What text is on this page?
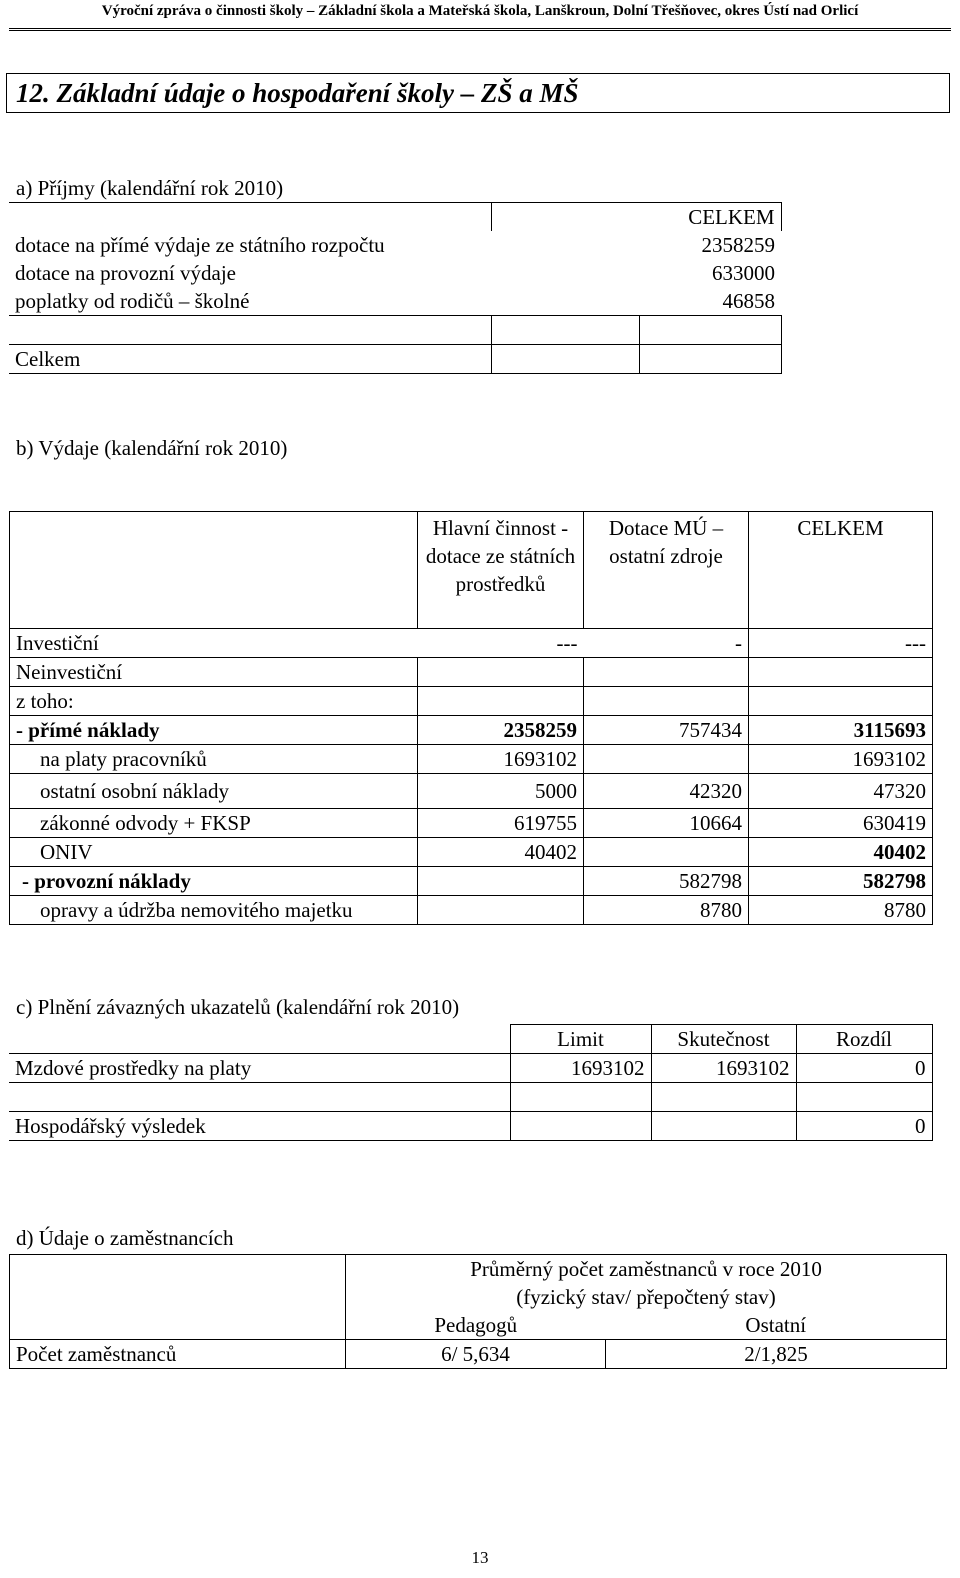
Výroční zpráva o činnosti školy – Základní škola a Mateřská škola, Lanškroun, Dolní Třešňovec, okres Ústí nad Orlicí
12. Základní údaje o hospodaření školy – ZŠ a MŠ
a) Příjmy (kalendářní rok 2010)
	CELKEM	
dotace na přímé výdaje ze státního rozpočtu	2358259	
dotace na provozní výdaje	633000	
poplatky od rodičů – školné	46858	

Celkem		
b) Výdaje (kalendářní rok 2010)
	Hlavní činnost - dotace ze státních prostředků	Dotace MÚ – ostatní zdroje	CELKEM
Investiční	---	-	---
Neinvestiční			
z toho:			
- přímé náklady	2358259	757434	3115693
na platy pracovníků	1693102		1693102
ostatní osobní náklady	5000	42320	47320
zákonné odvody + FKSP	619755	10664	630419
ONIV	40402		40402
- provozní náklady		582798	582798
opravy a údržba nemovitého majetku		8780	8780
c) Plnění závazných ukazatelů (kalendářní rok 2010)
	Limit	Skutečnost	Rozdíl
Mzdové prostředky na platy	1693102	1693102	0

Hospodářský výsledek			0
d) Údaje o zaměstnancích
	Průměrný počet zaměstnanců v roce 2010	
	(fyzický stav/ přepočtený stav)	
	Pedagogů	Ostatní
Počet zaměstnanců	6/ 5,634	2/1,825
13
